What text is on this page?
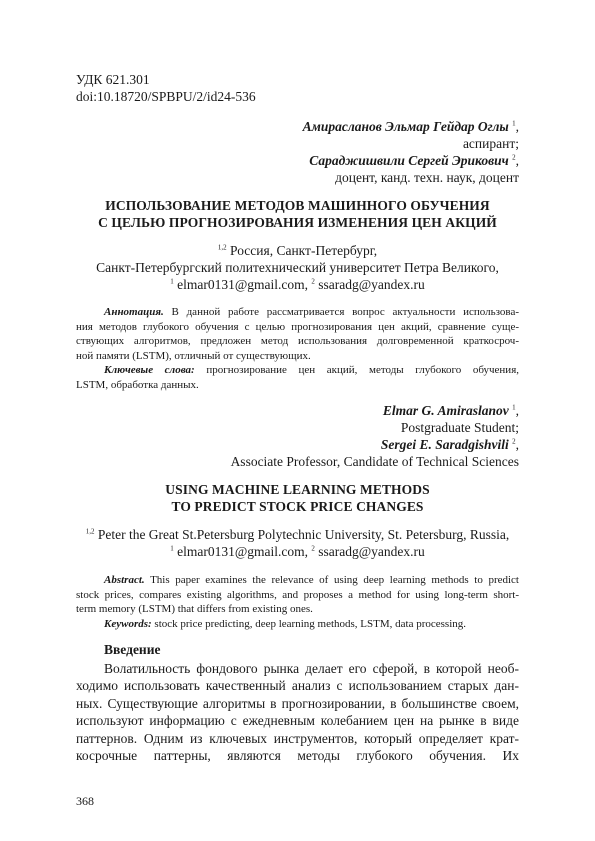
УДК 621.301
doi:10.18720/SPBPU/2/id24-536
Амирасланов Эльмар Гейдар Оглы $^1$,
аспирант;
Сараджишвили Сергей Эрикович $^2$,
доцент, канд. техн. наук, доцент
ИСПОЛЬЗОВАНИЕ МЕТОДОВ МАШИННОГО ОБУЧЕНИЯ
С ЦЕЛЬЮ ПРОГНОЗИРОВАНИЯ ИЗМЕНЕНИЯ ЦЕН АКЦИЙ
$^{1,2}$ Россия, Санкт-Петербург,
Санкт-Петербургский политехнический университет Петра Великого,
$^1$ elmar0131@gmail.com, $^2$ ssaradg@yandex.ru
Аннотация. В данной работе рассматривается вопрос актуальности использова-
ния методов глубокого обучения с целью прогнозирования цен акций, сравнение суще-
ствующих алгоритмов, предложен метод использования долговременной краткосроч-
ной памяти (LSTM), отличный от существующих.
Ключевые слова: прогнозирование цен акций, методы глубокого обучения,
LSTM, обработка данных.
Elmar G. Amiraslanov $^1$,
Postgraduate Student;
Sergei E. Saradgishvili $^2$,
Associate Professor, Candidate of Technical Sciences
USING MACHINE LEARNING METHODS
TO PREDICT STOCK PRICE CHANGES
$^{1,2}$ Peter the Great St.Petersburg Polytechnic University, St. Petersburg, Russia,
$^1$ elmar0131@gmail.com, $^2$ ssaradg@yandex.ru
Abstract. This paper examines the relevance of using deep learning methods to predict
stock prices, compares existing algorithms, and proposes a method for using long-term short-
term memory (LSTM) that differs from existing ones.
Keywords: stock price predicting, deep learning methods, LSTM, data processing.
Введение
Волатильность фондового рынка делает его сферой, в которой необ-
ходимо использовать качественный анализ с использованием старых дан-
ных. Существующие алгоритмы в прогнозировании, в большинстве своем,
используют информацию с ежедневным колебанием цен на рынке в виде
паттернов. Одним из ключевых инструментов, который определяет крат-
косрочные паттерны, являются методы глубокого обучения. Их
368
